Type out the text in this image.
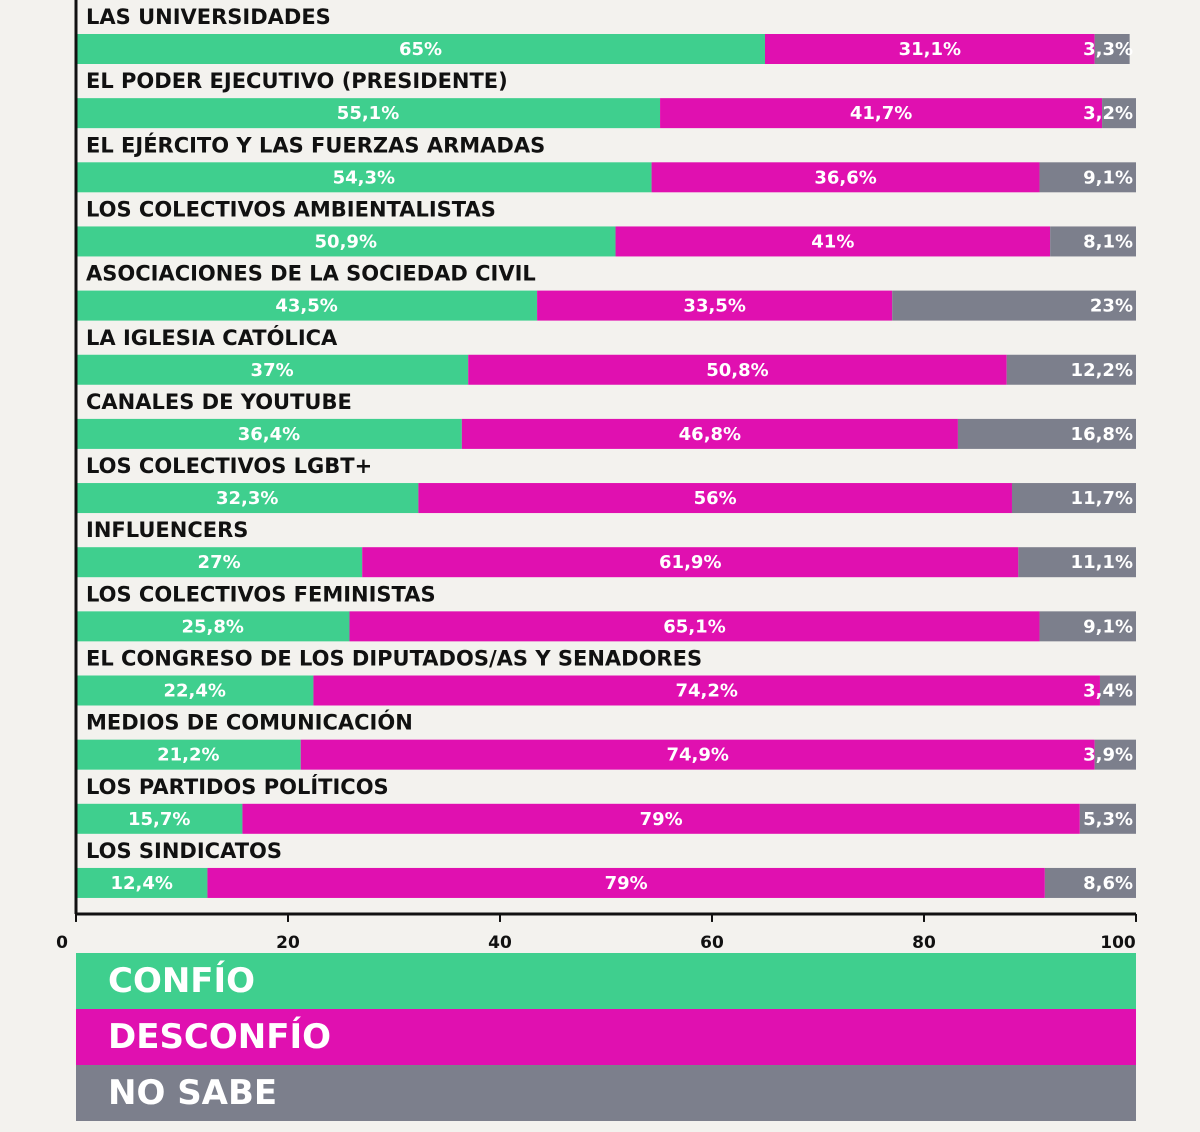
LAS UNIVERSIDADES
65%	31,1%	3,3%
EL PODER EJECUTIVO (PRESIDENTE)
55,1%	41,7%	3,2%
EL EJÉRCITO Y LAS FUERZAS ARMADAS
54,3%	36,6%	9,1%
LOS COLECTIVOS AMBIENTALISTAS
50,9%	41%	8,1%
ASOCIACIONES DE LA SOCIEDAD CIVIL
43,5%	33,5%	23%
LA IGLESIA CATÓLICA
37%	50,8%	12,2%
CANALES DE YOUTUBE
36,4%	46,8%	16,8%
LOS COLECTIVOS LGBT+
32,3%	56%	11,7%
INFLUENCERS
27%	61,9%	11,1%
LOS COLECTIVOS FEMINISTAS
25,8%	65,1%	9,1%
EL CONGRESO DE LOS DIPUTADOS/AS Y SENADORES
22,4%	74,2%	3,4%
MEDIOS DE COMUNICACIÓN
21,2%	74,9%	3,9%
LOS PARTIDOS POLÍTICOS
15,7%	79%	5,3%
LOS SINDICATOS
12,4%	79%	8,6%
0	20	40	60	80	100
CONFÍO
DESCONFÍO
NO SABE
